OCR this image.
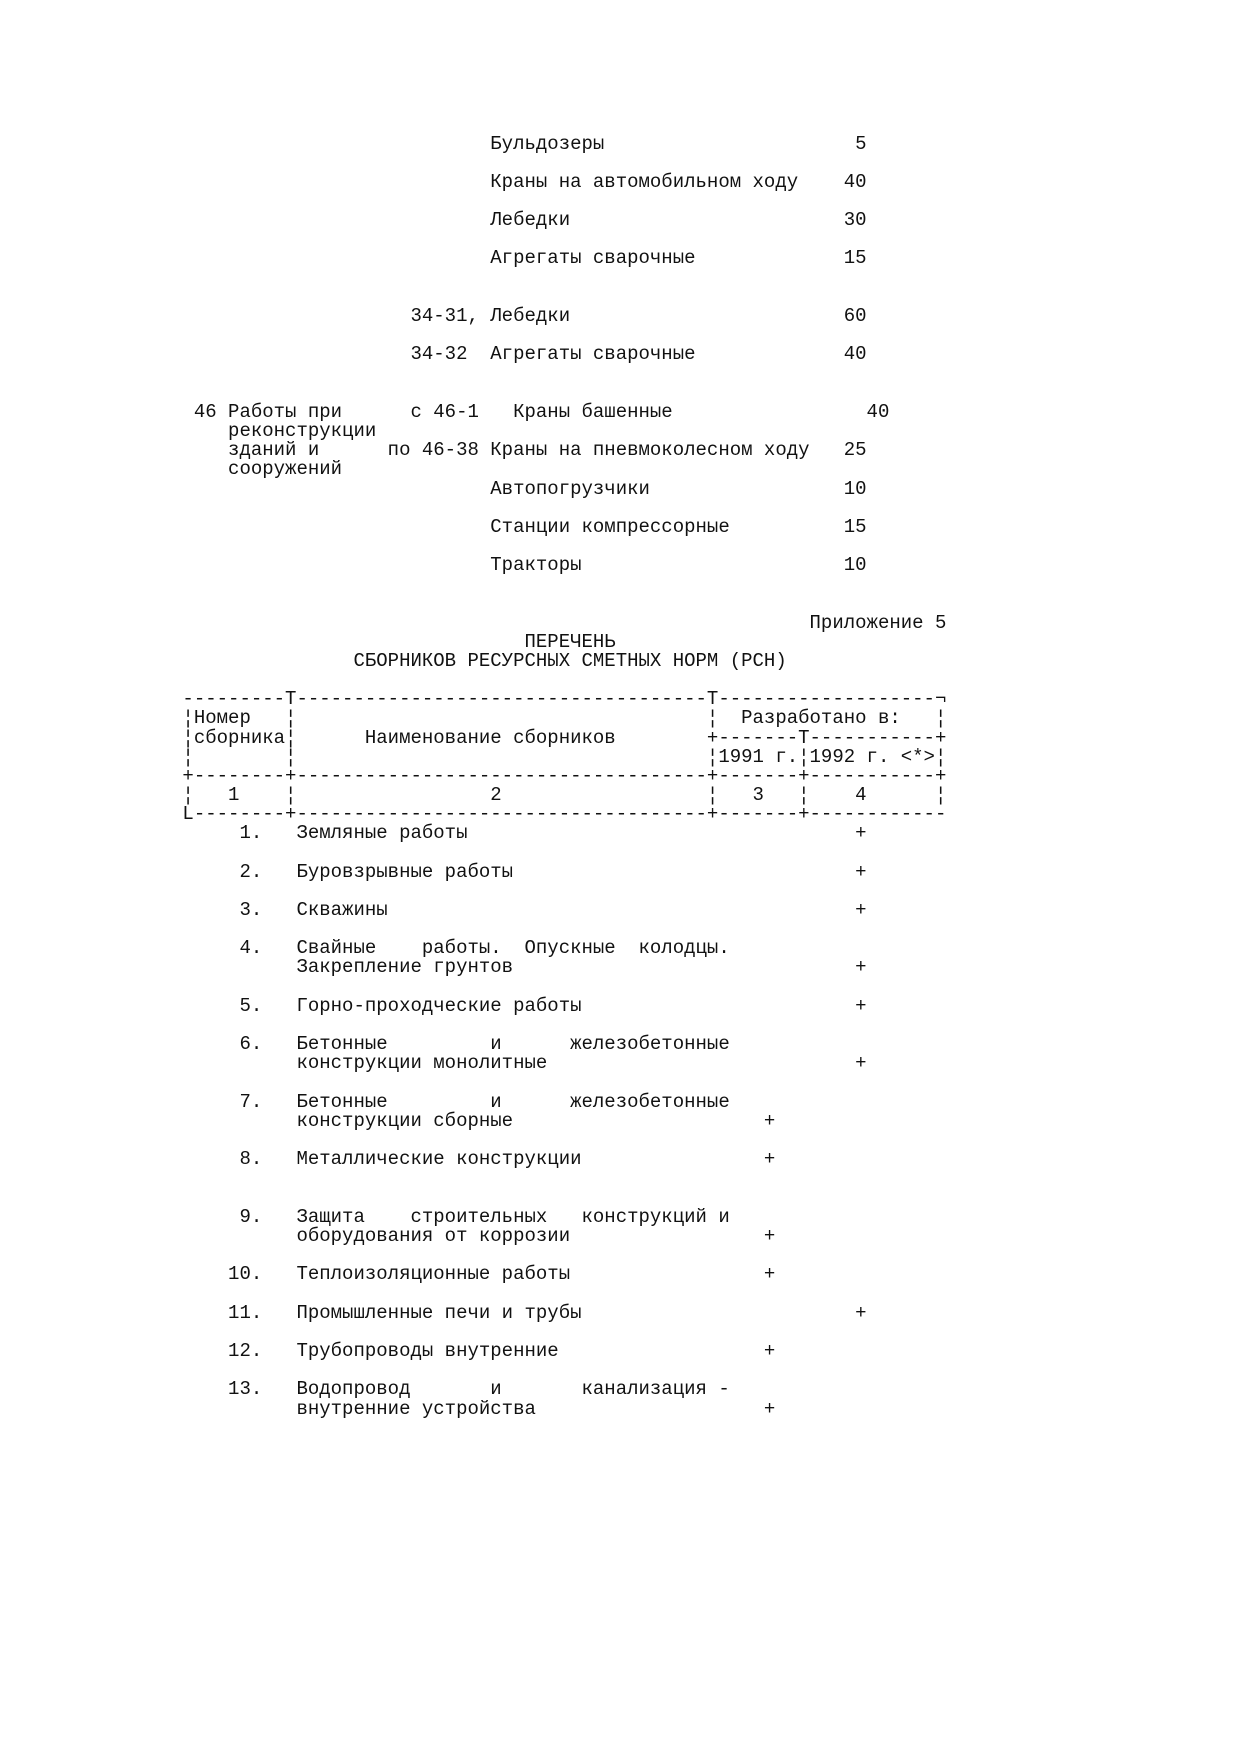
Бульдозеры                      5

Краны на автомобильном ходу    40

Лебедки                        30

Агрегаты сварочные             15

34-31, Лебедки                        60

34-32  Агрегаты сварочные             40

46 Работы при      с 46-1   Краны башенные                 40

реконструкции

зданий и      по 46-38 Краны на пневмоколесном ходу   25

сооружений

Автопогрузчики                 10

Станции компрессорные          15

Тракторы                       10

Приложение 5

ПЕРЕЧЕНЬ

СБОРНИКОВ РЕСУРСНЫХ СМЕТНЫХ НОРМ (РСН)

---------T------------------------------------T-------------------¬

¦Номер   ¦                                    ¦  Разработано в:   ¦

¦сборника¦      Наименование сборников        +-------T-----------+

¦        ¦                                    ¦1991 г.¦1992 г. <*>¦

+--------+------------------------------------+-------+-----------+

¦   1    ¦                 2                  ¦   3   ¦    4      ¦

L--------+------------------------------------+-------+------------

1.   Земляные работы                                  +

2.   Буровзрывные работы                              +

3.   Скважины                                         +

4.   Свайные    работы.  Опускные  колодцы.

Закрепление грунтов                              +

5.   Горно-проходческие работы                        +

6.   Бетонные         и      железобетонные

конструкции монолитные                           +

7.   Бетонные         и      железобетонные

конструкции сборные                      +

8.   Металлические конструкции                +

9.   Защита    строительных   конструкций и

оборудования от коррозии                 +

10.   Теплоизоляционные работы                 +

11.   Промышленные печи и трубы                        +

12.   Трубопроводы внутренние                  +

13.   Водопровод       и       канализация -

внутренние устройства                    +
